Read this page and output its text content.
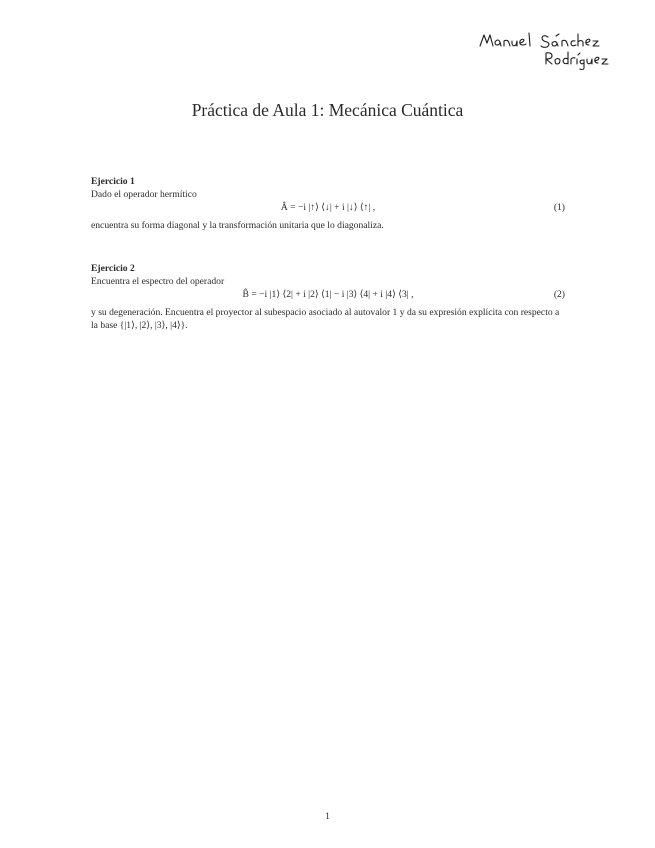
Práctica de Aula 1: Mecánica Cuántica
Ejercicio 1
Dado el operador hermítico
Â = −i |↑⟩ ⟨↓| + i |↓⟩ ⟨↑| ,	(1)
encuentra su forma diagonal y la transformación unitaria que lo diagonaliza.
Ejercicio 2
Encuentra el espectro del operador
B̂ = −i |1⟩ ⟨2| + i |2⟩ ⟨1| − i |3⟩ ⟨4| + i |4⟩ ⟨3| ,	(2)
y su degeneración. Encuentra el proyector al subespacio asociado al autovalor 1 y da su expresión explícita con respecto a la base {|1⟩, |2⟩, |3⟩, |4⟩}.
1
